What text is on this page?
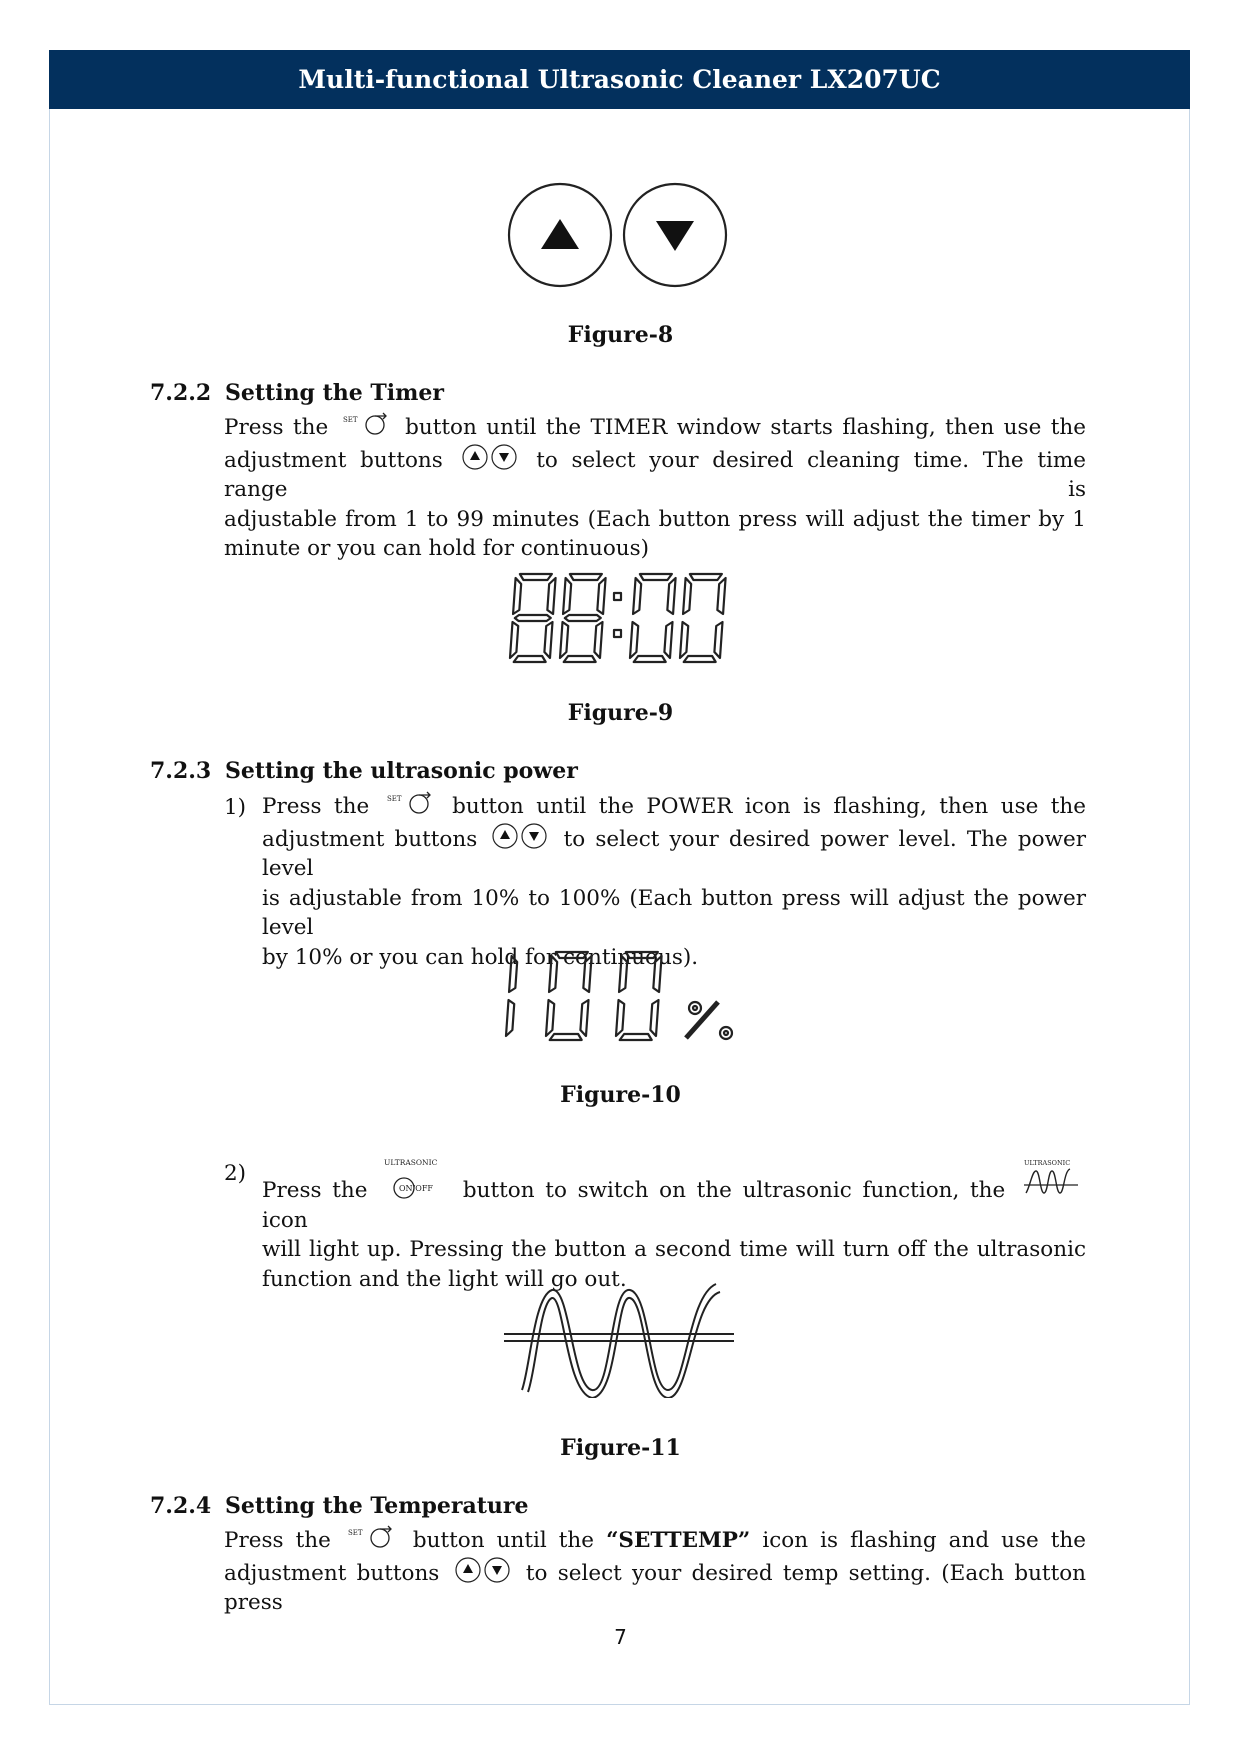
Multi-functional Ultrasonic Cleaner LX207UC
Figure-8
7.2.2 Setting the Timer
Press the SET button until the TIMER window starts flashing, then use the
adjustment buttons	to select your desired cleaning time. The time range is
adjustable from 1 to 99 minutes (Each button press will adjust the timer by 1
minute or you can hold for continuous)
Figure-9
7.2.3 Setting the ultrasonic power
1) Press the SET button until the POWER icon is flashing, then use the
adjustment buttons	to select your desired power level. The power level
is adjustable from 10% to 100% (Each button press will adjust the power level
by 10% or you can hold for continuous).
Figure-10
2)
Press the
ULTRASONIC
ON/OFF button to switch on the ultrasonic function, the
ULTRASONIC
icon
will light up. Pressing the button a second time will turn off the ultrasonic
function and the light will go out.
Figure-11
7.2.4 Setting the Temperature
Press the SET button until the “SETTEMP” icon is flashing and use the
adjustment buttons	to select your desired temp setting. (Each button press
7
